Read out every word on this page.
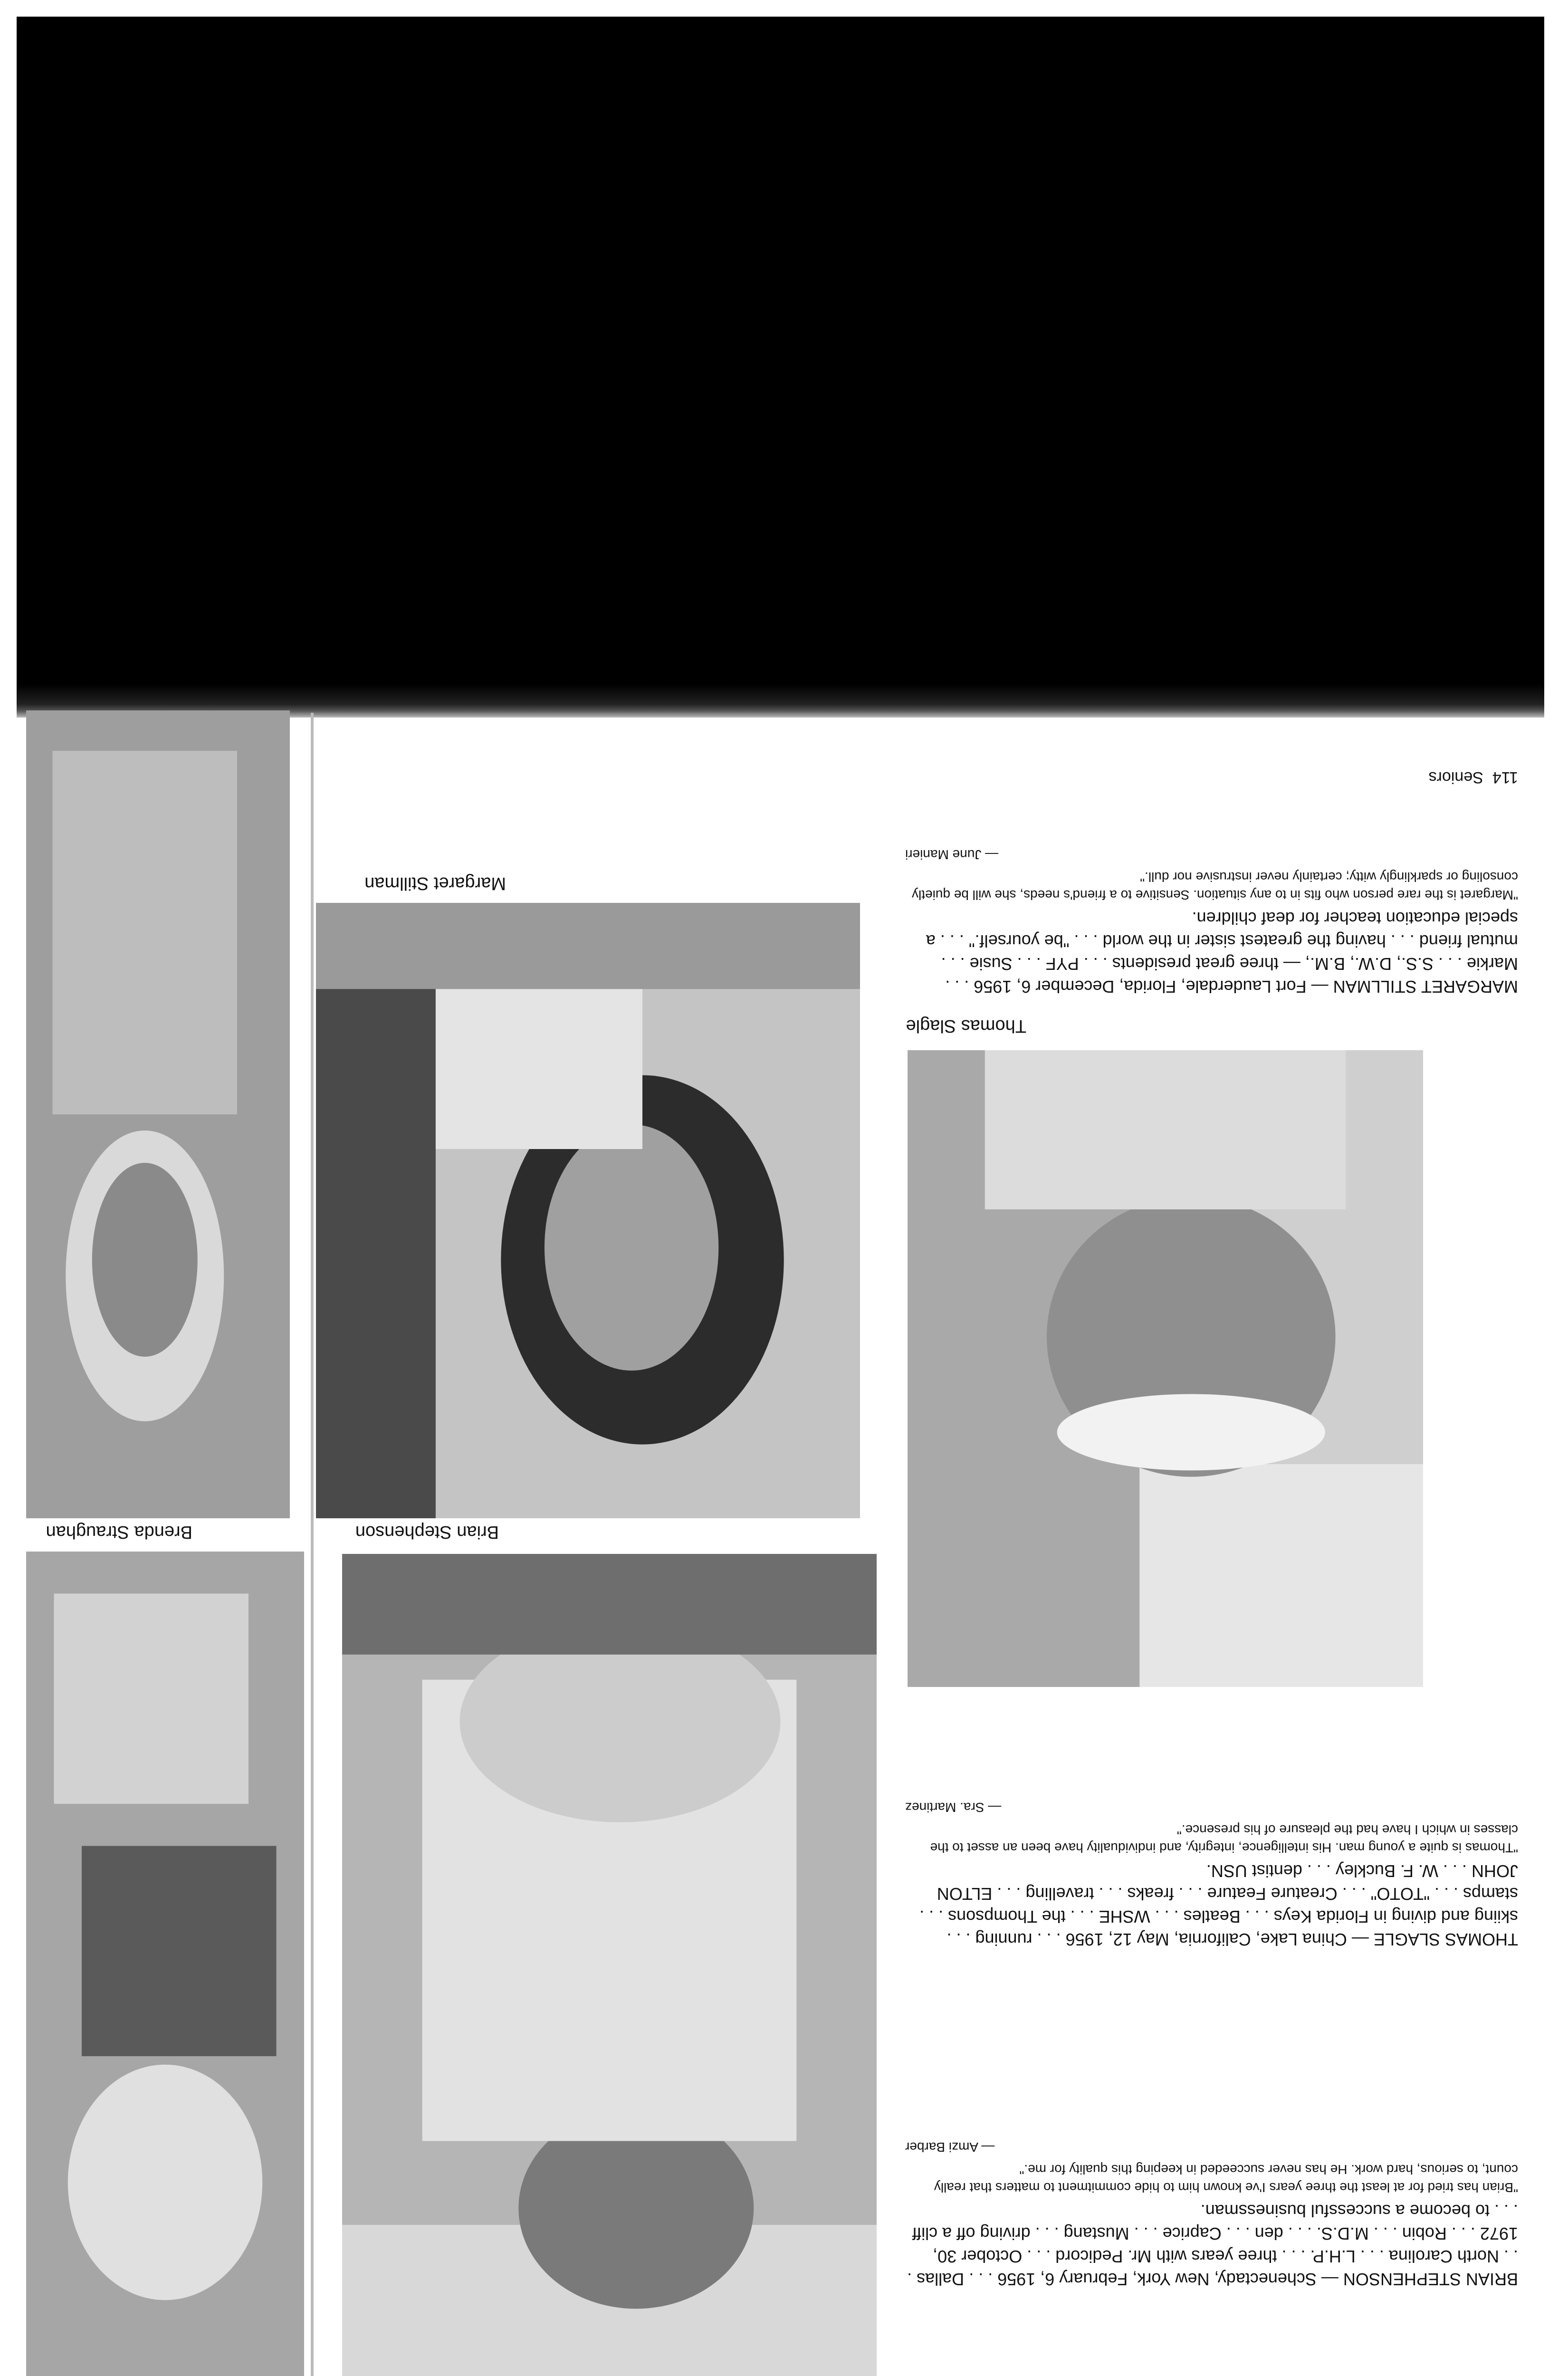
114  Seniors

BRIAN STEPHENSON — Schenectady, New York, February 6, 1956 . . . Dallas . . . North Carolina . . . L.H.P. . . . three years with Mr. Pedicord . . . October 30, 1972 . . . Robin . . . M.D.S. . . . den . . . Caprice . . . Mustang . . . driving off a cliff . . . to become a successful businessman.

"Brian has tried for at least the three years I've known him to hide commitment to matters that really count, to serious, hard work. He has never succeeded in keeping this quality for me."
— Amzi Barber

THOMAS SLAGLE — China Lake, California, May 12, 1956 . . . running . . . skiing and diving in Florida Keys . . . Beatles . . . WSHE . . . the Thompsons . . . stamps . . . "TOTO" . . . Creature Feature . . . freaks . . . travelling . . . ELTON JOHN . . . W. F. Buckley . . . dentist USN.

"Thomas is quite a young man. His intelligence, integrity, and individuality have been an asset to the classes in which I have had the pleasure of his presence."
— Sra. Martinez
Thomas Slagle

MARGARET STILLMAN — Fort Lauderdale, Florida, December 6, 1956 . . . Markie . . . S.S., D.W., B.M., — three great presidents . . . PYF . . . Susie . . . mutual friend . . . having the greatest sister in the world . . . "be yourself." . . . a special education teacher for deaf children.

"Margaret is the rare person who fits in to any situation. Sensitive to a friend's needs, she will be quietly consoling or sparklingly witty; certainly never instrusive nor dull."
— June Manieri
Brian Stephenson
Margaret Stillman
Brenda Straughan
